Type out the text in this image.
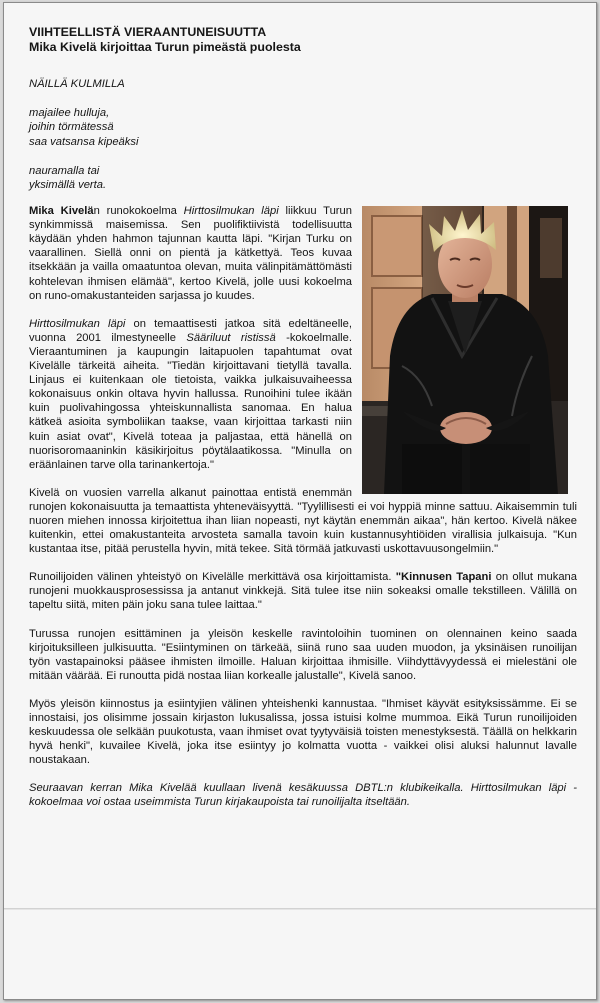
VIIHTEELLISTÄ VIERAANTUNEISUUTTA
Mika Kivelä kirjoittaa Turun pimeästä puolesta
NÄILLÄ KULMILLA
majailee hulluja,
joihin törmätessä
saa vatsansa kipeäksi
nauramalla tai
yksimällä verta.

Mika Kivelän runokokoelma Hirttosilmukan läpi liikkuu Turun synkimmissä maisemissa. Sen puolifiktiivistä todellisuutta käydään yhden hahmon tajunnan kautta läpi. "Kirjan Turku on vaarallinen. Siellä onni on pientä ja kätkettyä. Teos kuvaa itsekkään ja vailla omaatuntoa olevan, muita välinpitämättömästi kohtelevan ihmisen elämää", kertoo Kivelä, jolle uusi kokoelma on runo-omakustanteiden sarjassa jo kuudes.

Hirttosilmukan läpi on temaattisesti jatkoa sitä edeltäneelle, vuonna 2001 ilmestyneelle Sääriluut ristissä -kokoelmalle. Vieraantuminen ja kaupungin laitapuolen tapahtumat ovat Kivelälle tärkeitä aiheita. "Tiedän kirjoittavani tietyllä tavalla. Linjaus ei kuitenkaan ole tietoista, vaikka julkaisuvaiheessa kokonaisuus onkin oltava hyvin hallussa. Runoihini tulee ikään kuin puolivahingossa yhteiskunnallista sanomaa. En halua kätkeä asioita symboliikan taakse, vaan kirjoittaa tarkasti niin kuin asiat ovat", Kivelä toteaa ja paljastaa, että hänellä on nuorisoromaaninkin käsikirjoitus pöytälaatikossa. "Minulla on eräänlainen tarve olla tarinankertoja."

Kivelä on vuosien varrella alkanut painottaa entistä enemmän runojen kokonaisuutta ja temaattista yhteneväisyyttä. "Tyylillisesti ei voi hyppiä minne sattuu. Aikaisemmin tuli nuoren miehen innossa kirjoitettua ihan liian nopeasti, nyt käytän enemmän aikaa", hän kertoo. Kivelä näkee kuitenkin, ettei omakustanteita arvosteta samalla tavoin kuin kustannusyhtiöiden virallisia julkaisuja. "Kun kustantaa itse, pitää perustella hyvin, mitä tekee. Sitä törmää jatkuvasti uskottavuusongelmiin."

Runoilijoiden välinen yhteistyö on Kivelälle merkittävä osa kirjoittamista. "Kinnusen Tapani on ollut mukana runojeni muokkausprosessissa ja antanut vinkkejä. Sitä tulee itse niin sokeaksi omalle tekstilleen. Välillä on tapeltu siitä, miten päin joku sana tulee laittaa."

Turussa runojen esittäminen ja yleisön keskelle ravintoloihin tuominen on olennainen keino saada kirjoituksilleen julkisuutta. "Esiintyminen on tärkeää, siinä runo saa uuden muodon, ja yksinäisen runoilijan työn vastapainoksi pääsee ihmisten ilmoille. Haluan kirjoittaa ihmisille. Viihdyttävyydessä ei mielestäni ole mitään väärää. Ei runoutta pidä nostaa liian korkealle jalustalle", Kivelä sanoo.

Myös yleisön kiinnostus ja esiintyjien välinen yhteishenki kannustaa. "Ihmiset käyvät esityksissämme. Ei se innostaisi, jos olisimme jossain kirjaston lukusalissa, jossa istuisi kolme mummoa. Eikä Turun runoilijoiden keskuudessa ole selkään puukotusta, vaan ihmiset ovat tyytyväisiä toisten menestyksestä. Täällä on helkkarin hyvä henki", kuvailee Kivelä, joka itse esiintyy jo kolmatta vuotta - vaikkei olisi aluksi halunnut lavalle noustakaan.

Seuraavan kerran Mika Kivelää kuullaan livenä kesäkuussa DBTL:n klubikeikalla. Hirttosilmukan läpi -kokoelmaa voi ostaa useimmista Turun kirjakaupoista tai runoilijalta itseltään.
